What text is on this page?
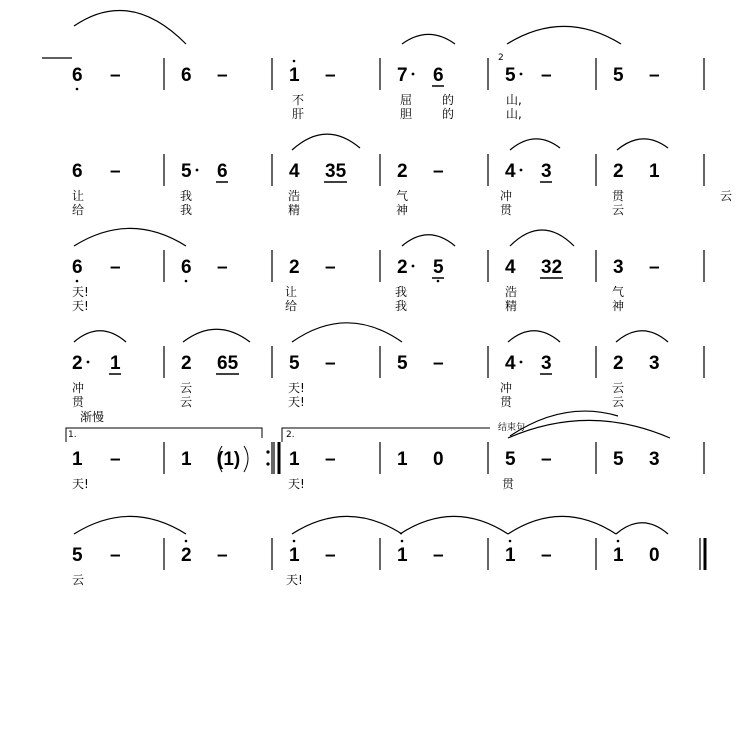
渐慢
1.	2.
结束句
2
6 –	6 –	1 –	7 6	5 –	5 –
不	屈 的	山,
肝	胆 的	山,
6 –	5 6	4 35	2 –	4 3	2 1
让	我	浩	气	冲	贯	云
给	我	精	神	贯	云
6 –	6 –	2 –	2 5	4 32	3 –
天!	让	我	浩	气
天!	给	我	精	神
2 1	2 65	5 –	5 –	4 3	2 3
冲	云	天!	冲	云
贯	云	天!	贯	云
1 –	1 (1)	1 –	1 0	5 –	5 3
天!	天!	贯
5 –	2 –	1 –	1 –	1 –	1 0
云	天!
